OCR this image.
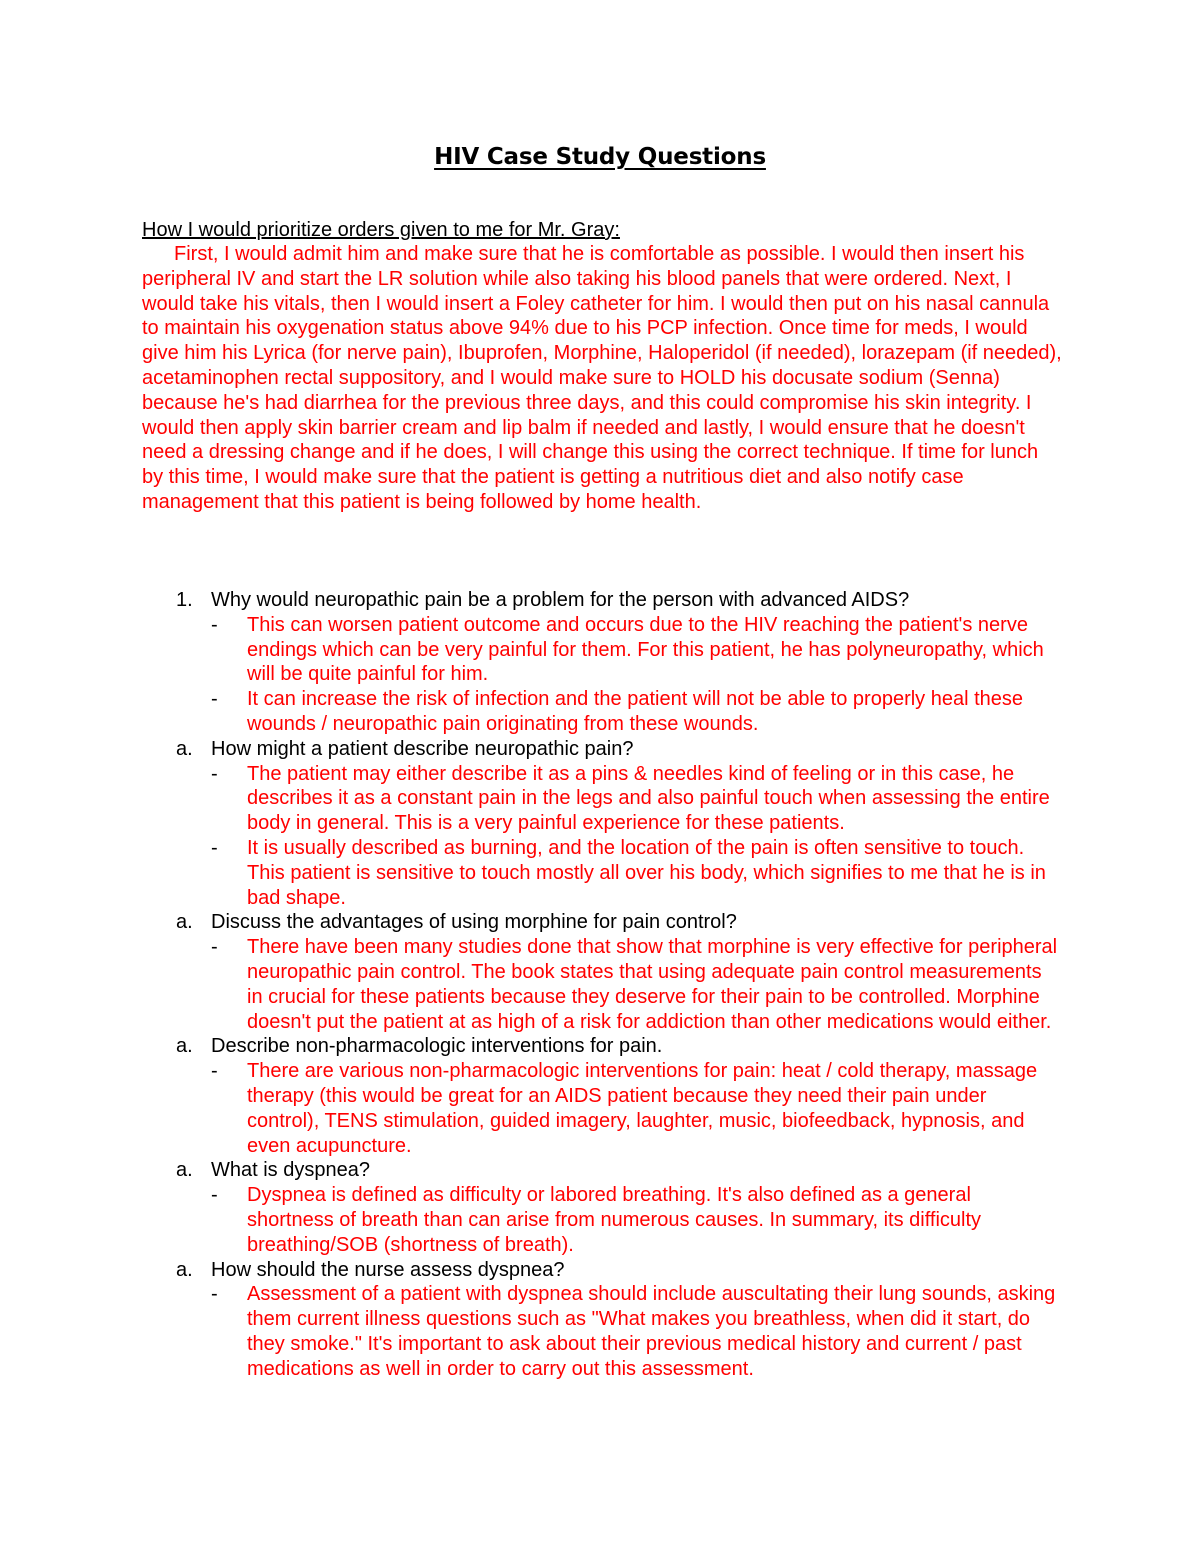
HIV Case Study Questions
How I would prioritize orders given to me for Mr. Gray:

First, I would admit him and make sure that he is comfortable as possible. I would then insert his peripheral IV and start the LR solution while also taking his blood panels that were ordered. Next, I would take his vitals, then I would insert a Foley catheter for him. I would then put on his nasal cannula to maintain his oxygenation status above 94% due to his PCP infection. Once time for meds, I would give him his Lyrica (for nerve pain), Ibuprofen, Morphine, Haloperidol (if needed), lorazepam (if needed), acetaminophen rectal suppository, and I would make sure to HOLD his docusate sodium (Senna) because he's had diarrhea for the previous three days, and this could compromise his skin integrity. I would then apply skin barrier cream and lip balm if needed and lastly, I would ensure that he doesn't need a dressing change and if he does, I will change this using the correct technique. If time for lunch by this time, I would make sure that the patient is getting a nutritious diet and also notify case management that this patient is being followed by home health.

1. Why would neuropathic pain be a problem for the person with advanced AIDS?
- This can worsen patient outcome and occurs due to the HIV reaching the patient's nerve endings which can be very painful for them. For this patient, he has polyneuropathy, which will be quite painful for him.
- It can increase the risk of infection and the patient will not be able to properly heal these wounds / neuropathic pain originating from these wounds.
a. How might a patient describe neuropathic pain?
- The patient may either describe it as a pins & needles kind of feeling or in this case, he describes it as a constant pain in the legs and also painful touch when assessing the entire body in general. This is a very painful experience for these patients.
- It is usually described as burning, and the location of the pain is often sensitive to touch. This patient is sensitive to touch mostly all over his body, which signifies to me that he is in bad shape.
a. Discuss the advantages of using morphine for pain control?
- There have been many studies done that show that morphine is very effective for peripheral neuropathic pain control. The book states that using adequate pain control measurements in crucial for these patients because they deserve for their pain to be controlled. Morphine doesn't put the patient at as high of a risk for addiction than other medications would either.
a. Describe non-pharmacologic interventions for pain.
- There are various non-pharmacologic interventions for pain: heat / cold therapy, massage therapy (this would be great for an AIDS patient because they need their pain under control), TENS stimulation, guided imagery, laughter, music, biofeedback, hypnosis, and even acupuncture.
a. What is dyspnea?
- Dyspnea is defined as difficulty or labored breathing. It's also defined as a general shortness of breath than can arise from numerous causes. In summary, its difficulty breathing/SOB (shortness of breath).
a. How should the nurse assess dyspnea?
- Assessment of a patient with dyspnea should include auscultating their lung sounds, asking them current illness questions such as "What makes you breathless, when did it start, do they smoke." It's important to ask about their previous medical history and current / past medications as well in order to carry out this assessment.
